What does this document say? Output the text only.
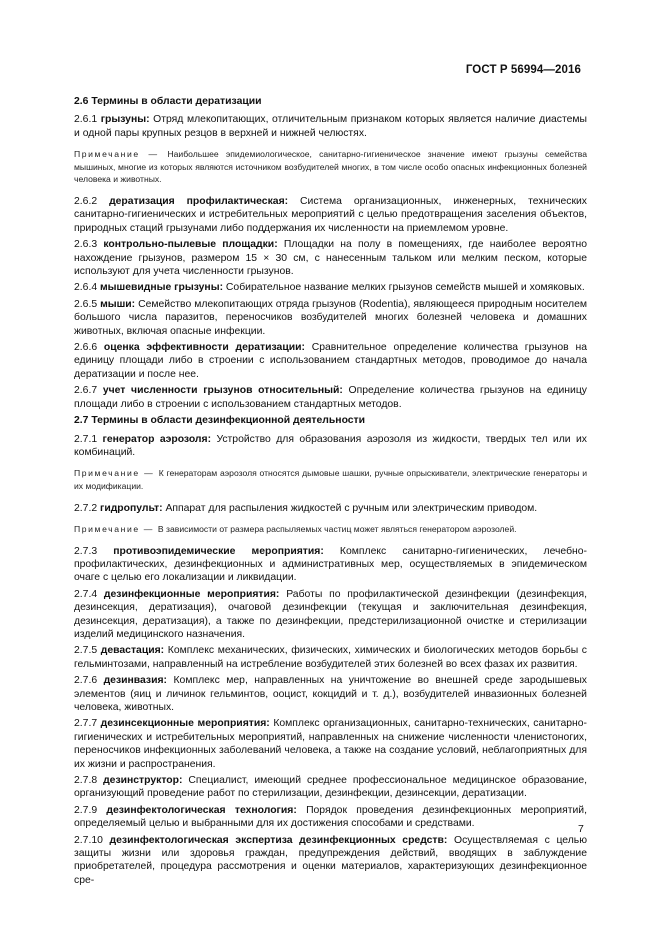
ГОСТ Р 56994—2016
2.6 Термины в области дератизации
2.6.1 грызуны: Отряд млекопитающих, отличительным признаком которых является наличие диастемы и одной пары крупных резцов в верхней и нижней челюстях.
Примечание — Наибольшее эпидемиологическое, санитарно-гигиеническое значение имеют грызуны семейства мышиных, многие из которых являются источником возбудителей многих, в том числе особо опасных инфекционных болезней человека и животных.
2.6.2 дератизация профилактическая: Система организационных, инженерных, технических санитарно-гигиенических и истребительных мероприятий с целью предотвращения заселения объектов, природных стаций грызунами либо поддержания их численности на приемлемом уровне.
2.6.3 контрольно-пылевые площадки: Площадки на полу в помещениях, где наиболее вероятно нахождение грызунов, размером 15 × 30 см, с нанесенным тальком или мелким песком, которые используют для учета численности грызунов.
2.6.4 мышевидные грызуны: Собирательное название мелких грызунов семейств мышей и хомяковых.
2.6.5 мыши: Семейство млекопитающих отряда грызунов (Rodentia), являющееся природным носителем большого числа паразитов, переносчиков возбудителей многих болезней человека и домашних животных, включая опасные инфекции.
2.6.6 оценка эффективности дератизации: Сравнительное определение количества грызунов на единицу площади либо в строении с использованием стандартных методов, проводимое до начала дератизации и после нее.
2.6.7 учет численности грызунов относительный: Определение количества грызунов на единицу площади либо в строении с использованием стандартных методов.
2.7 Термины в области дезинфекционной деятельности
2.7.1 генератор аэрозоля: Устройство для образования аэрозоля из жидкости, твердых тел или их комбинаций.
Примечание — К генераторам аэрозоля относятся дымовые шашки, ручные опрыскиватели, электрические генераторы и их модификации.
2.7.2 гидропульт: Аппарат для распыления жидкостей с ручным или электрическим приводом.
Примечание — В зависимости от размера распыляемых частиц может являться генератором аэрозолей.
2.7.3 противоэпидемические мероприятия: Комплекс санитарно-гигиенических, лечебно-профилактических, дезинфекционных и административных мер, осуществляемых в эпидемическом очаге с целью его локализации и ликвидации.
2.7.4 дезинфекционные мероприятия: Работы по профилактической дезинфекции (дезинфекция, дезинсекция, дератизация), очаговой дезинфекции (текущая и заключительная дезинфекция, дезинсекция, дератизация), а также по дезинфекции, предстерилизационной очистке и стерилизации изделий медицинского назначения.
2.7.5 девастация: Комплекс механических, физических, химических и биологических методов борьбы с гельминтозами, направленный на истребление возбудителей этих болезней во всех фазах их развития.
2.7.6 дезинвазия: Комплекс мер, направленных на уничтожение во внешней среде зародышевых элементов (яиц и личинок гельминтов, ооцист, кокцидий и т. д.), возбудителей инвазионных болезней человека, животных.
2.7.7 дезинсекционные мероприятия: Комплекс организационных, санитарно-технических, санитарно-гигиенических и истребительных мероприятий, направленных на снижение численности членистоногих, переносчиков инфекционных заболеваний человека, а также на создание условий, неблагоприятных для их жизни и распространения.
2.7.8 дезинструктор: Специалист, имеющий среднее профессиональное медицинское образование, организующий проведение работ по стерилизации, дезинфекции, дезинсекции, дератизации.
2.7.9 дезинфектологическая технология: Порядок проведения дезинфекционных мероприятий, определяемый целью и выбранными для их достижения способами и средствами.
2.7.10 дезинфектологическая экспертиза дезинфекционных средств: Осуществляемая с целью защиты жизни или здоровья граждан, предупреждения действий, вводящих в заблуждение приобретателей, процедура рассмотрения и оценки материалов, характеризующих дезинфекционное сре-
7
